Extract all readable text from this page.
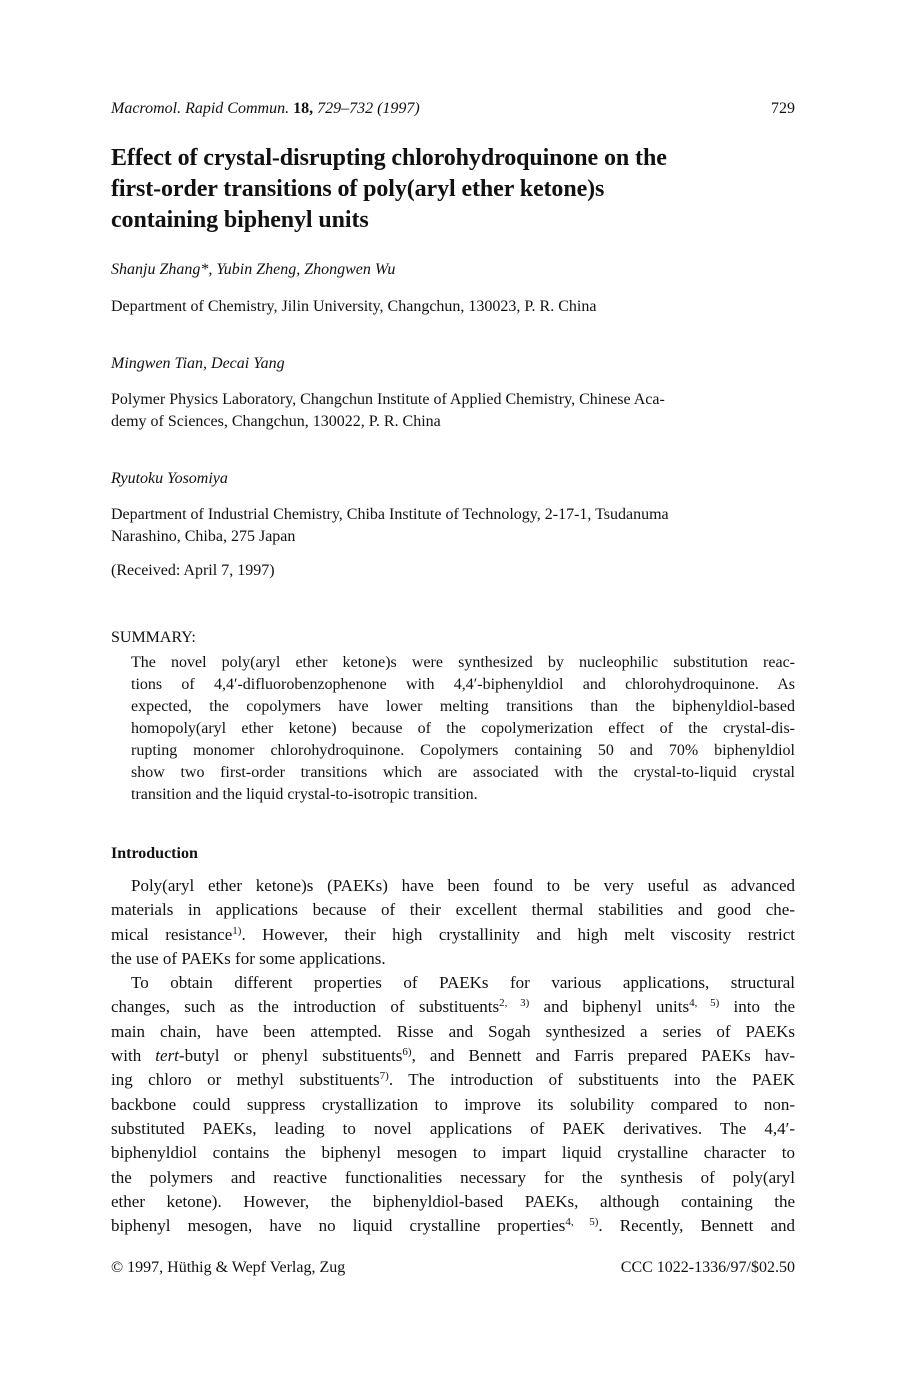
Macromol. Rapid Commun. 18, 729–732 (1997)	729
Effect of crystal-disrupting chlorohydroquinone on the
first-order transitions of poly(aryl ether ketone)s
containing biphenyl units
Shanju Zhang*, Yubin Zheng, Zhongwen Wu
Department of Chemistry, Jilin University, Changchun, 130023, P. R. China
Mingwen Tian, Decai Yang
Polymer Physics Laboratory, Changchun Institute of Applied Chemistry, Chinese Aca-
demy of Sciences, Changchun, 130022, P. R. China
Ryutoku Yosomiya
Department of Industrial Chemistry, Chiba Institute of Technology, 2-17-1, Tsudanuma
Narashino, Chiba, 275 Japan
(Received: April 7, 1997)
SUMMARY:
The novel poly(aryl ether ketone)s were synthesized by nucleophilic substitution reac-
tions of 4,4′-difluorobenzophenone with 4,4′-biphenyldiol and chlorohydroquinone. As
expected, the copolymers have lower melting transitions than the biphenyldiol-based
homopoly(aryl ether ketone) because of the copolymerization effect of the crystal-dis-
rupting monomer chlorohydroquinone. Copolymers containing 50 and 70% biphenyldiol
show two first-order transitions which are associated with the crystal-to-liquid crystal
transition and the liquid crystal-to-isotropic transition.
Introduction
Poly(aryl ether ketone)s (PAEKs) have been found to be very useful as advanced
materials in applications because of their excellent thermal stabilities and good che-
mical resistance$^{1)}$. However, their high crystallinity and high melt viscosity restrict
the use of PAEKs for some applications.
To obtain different properties of PAEKs for various applications, structural
changes, such as the introduction of substituents$^{2, 3)}$ and biphenyl units$^{4, 5)}$ into the
main chain, have been attempted. Risse and Sogah synthesized a series of PAEKs
with tert-butyl or phenyl substituents$^{6)}$, and Bennett and Farris prepared PAEKs hav-
ing chloro or methyl substituents$^{7)}$. The introduction of substituents into the PAEK
backbone could suppress crystallization to improve its solubility compared to non-
substituted PAEKs, leading to novel applications of PAEK derivatives. The 4,4′-
biphenyldiol contains the biphenyl mesogen to impart liquid crystalline character to
the polymers and reactive functionalities necessary for the synthesis of poly(aryl
ether ketone). However, the biphenyldiol-based PAEKs, although containing the
biphenyl mesogen, have no liquid crystalline properties$^{4, 5)}$. Recently, Bennett and
© 1997, Hüthig & Wepf Verlag, Zug	CCC 1022-1336/97/$02.50
